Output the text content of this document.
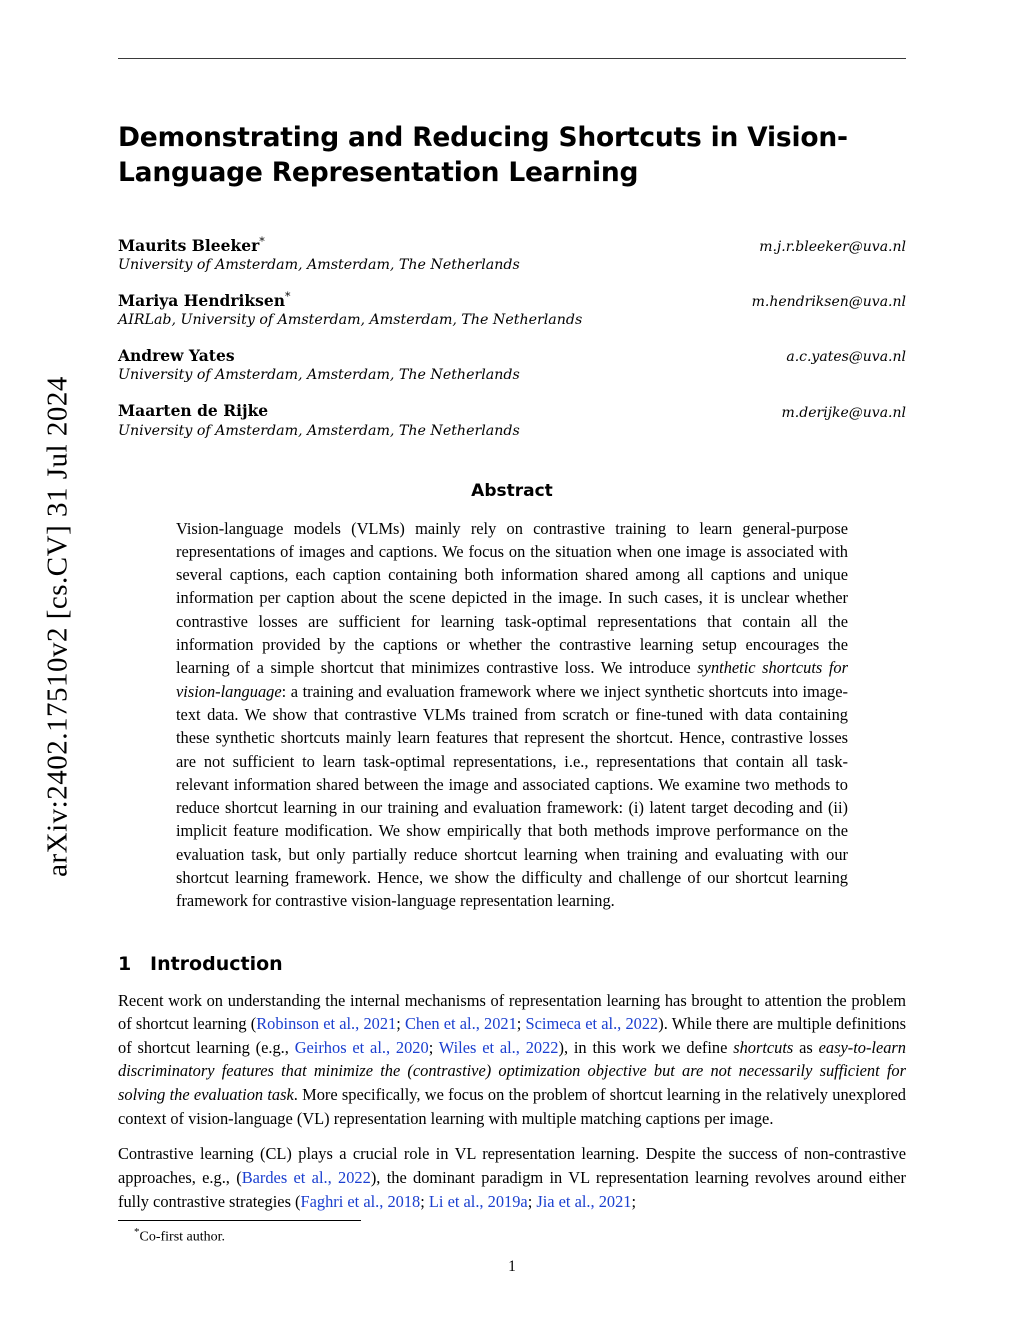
arXiv:2402.17510v2 [cs.CV] 31 Jul 2024
Demonstrating and Reducing Shortcuts in Vision-Language Representation Learning
Maurits Bleeker*	m.j.r.bleeker@uva.nl
University of Amsterdam, Amsterdam, The Netherlands
Mariya Hendriksen*	m.hendriksen@uva.nl
AIRLab, University of Amsterdam, Amsterdam, The Netherlands
Andrew Yates	a.c.yates@uva.nl
University of Amsterdam, Amsterdam, The Netherlands
Maarten de Rijke	m.derijke@uva.nl
University of Amsterdam, Amsterdam, The Netherlands
Abstract
Vision-language models (VLMs) mainly rely on contrastive training to learn general-purpose representations of images and captions. We focus on the situation when one image is associated with several captions, each caption containing both information shared among all captions and unique information per caption about the scene depicted in the image. In such cases, it is unclear whether contrastive losses are sufficient for learning task-optimal representations that contain all the information provided by the captions or whether the contrastive learning setup encourages the learning of a simple shortcut that minimizes contrastive loss. We introduce synthetic shortcuts for vision-language: a training and evaluation framework where we inject synthetic shortcuts into image-text data. We show that contrastive VLMs trained from scratch or fine-tuned with data containing these synthetic shortcuts mainly learn features that represent the shortcut. Hence, contrastive losses are not sufficient to learn task-optimal representations, i.e., representations that contain all task-relevant information shared between the image and associated captions. We examine two methods to reduce shortcut learning in our training and evaluation framework: (i) latent target decoding and (ii) implicit feature modification. We show empirically that both methods improve performance on the evaluation task, but only partially reduce shortcut learning when training and evaluating with our shortcut learning framework. Hence, we show the difficulty and challenge of our shortcut learning framework for contrastive vision-language representation learning.
1 Introduction

Recent work on understanding the internal mechanisms of representation learning has brought to attention the problem of shortcut learning (Robinson et al., 2021; Chen et al., 2021; Scimeca et al., 2022). While there are multiple definitions of shortcut learning (e.g., Geirhos et al., 2020; Wiles et al., 2022), in this work we define shortcuts as easy-to-learn discriminatory features that minimize the (contrastive) optimization objective but are not necessarily sufficient for solving the evaluation task. More specifically, we focus on the problem of shortcut learning in the relatively unexplored context of vision-language (VL) representation learning with multiple matching captions per image.

Contrastive learning (CL) plays a crucial role in VL representation learning. Despite the success of non-contrastive approaches, e.g., (Bardes et al., 2022), the dominant paradigm in VL representation learning revolves around either fully contrastive strategies (Faghri et al., 2018; Li et al., 2019a; Jia et al., 2021;

*Co-first author.
1
